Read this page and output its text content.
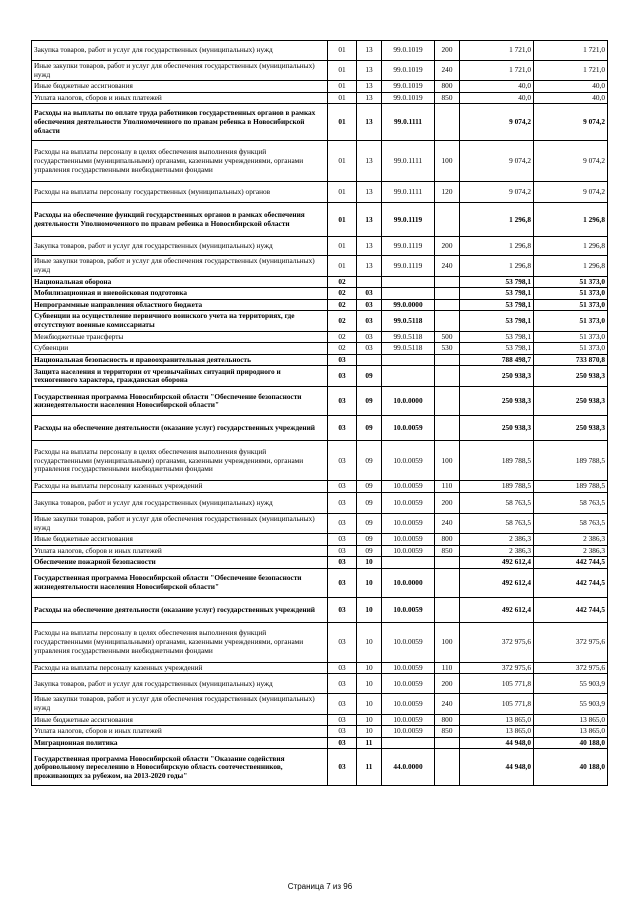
Закупка товаров, работ и услуг для государственных (муниципальных) нужд	01	13	99.0.1019	200	1 721,0	1 721,0
Иные закупки товаров, работ и услуг для обеспечения государственных (муниципальных) нужд	01	13	99.0.1019	240	1 721,0	1 721,0
Иные бюджетные ассигнования	01	13	99.0.1019	800	40,0	40,0
Уплата налогов, сборов и иных платежей	01	13	99.0.1019	850	40,0	40,0
Расходы на выплаты по оплате труда работников государственных органов в рамках обеспечения деятельности Уполномоченного по правам ребенка в Новосибирской области	01	13	99.0.1111		9 074,2	9 074,2
Расходы на выплаты персоналу в целях обеспечения выполнения функций государственными (муниципальными) органами, казенными учреждениями, органами управления государственными внебюджетными фондами	01	13	99.0.1111	100	9 074,2	9 074,2
Расходы на выплаты персоналу государственных (муниципальных) органов	01	13	99.0.1111	120	9 074,2	9 074,2
Расходы на обеспечение функций государственных органов в рамках обеспечения деятельности Уполномоченного по правам ребенка в Новосибирской области	01	13	99.0.1119		1 296,8	1 296,8
Закупка товаров, работ и услуг для государственных (муниципальных) нужд	01	13	99.0.1119	200	1 296,8	1 296,8
Иные закупки товаров, работ и услуг для обеспечения государственных (муниципальных) нужд	01	13	99.0.1119	240	1 296,8	1 296,8
Национальная оборона	02				53 798,1	51 373,0
Мобилизационная и вневойсковая подготовка	02	03			53 798,1	51 373,0
Непрограммные направления областного бюджета	02	03	99.0.0000		53 798,1	51 373,0
Субвенции на осуществление первичного воинского учета на территориях, где отсутствуют военные комиссариаты	02	03	99.0.5118		53 798,1	51 373,0
Межбюджетные трансферты	02	03	99.0.5118	500	53 798,1	51 373,0
Субвенции	02	03	99.0.5118	530	53 798,1	51 373,0
Национальная безопасность и правоохранительная деятельность	03				788 498,7	733 870,8
Защита населения и территории от чрезвычайных ситуаций природного и техногенного характера, гражданская оборона	03	09			250 938,3	250 938,3
Государственная программа Новосибирской области "Обеспечение безопасности жизнедеятельности населения Новосибирской области"	03	09	10.0.0000		250 938,3	250 938,3
Расходы на обеспечение деятельности (оказание услуг) государственных учреждений	03	09	10.0.0059		250 938,3	250 938,3
Расходы на выплаты персоналу в целях обеспечения выполнения функций государственными (муниципальными) органами, казенными учреждениями, органами управления государственными внебюджетными фондами	03	09	10.0.0059	100	189 788,5	189 788,5
Расходы на выплаты персоналу казенных учреждений	03	09	10.0.0059	110	189 788,5	189 788,5
Закупка товаров, работ и услуг для государственных (муниципальных) нужд	03	09	10.0.0059	200	58 763,5	58 763,5
Иные закупки товаров, работ и услуг для обеспечения государственных (муниципальных) нужд	03	09	10.0.0059	240	58 763,5	58 763,5
Иные бюджетные ассигнования	03	09	10.0.0059	800	2 386,3	2 386,3
Уплата налогов, сборов и иных платежей	03	09	10.0.0059	850	2 386,3	2 386,3
Обеспечение пожарной безопасности	03	10			492 612,4	442 744,5
Государственная программа Новосибирской области "Обеспечение безопасности жизнедеятельности населения Новосибирской области"	03	10	10.0.0000		492 612,4	442 744,5
Расходы на обеспечение деятельности (оказание услуг) государственных учреждений	03	10	10.0.0059		492 612,4	442 744,5
Расходы на выплаты персоналу в целях обеспечения выполнения функций государственными (муниципальными) органами, казенными учреждениями, органами управления государственными внебюджетными фондами	03	10	10.0.0059	100	372 975,6	372 975,6
Расходы на выплаты персоналу казенных учреждений	03	10	10.0.0059	110	372 975,6	372 975,6
Закупка товаров, работ и услуг для государственных (муниципальных) нужд	03	10	10.0.0059	200	105 771,8	55 903,9
Иные закупки товаров, работ и услуг для обеспечения государственных (муниципальных) нужд	03	10	10.0.0059	240	105 771,8	55 903,9
Иные бюджетные ассигнования	03	10	10.0.0059	800	13 865,0	13 865,0
Уплата налогов, сборов и иных платежей	03	10	10.0.0059	850	13 865,0	13 865,0
Миграционная политика	03	11			44 948,0	40 188,0
Государственная программа Новосибирской области "Оказание содействия добровольному переселению в Новосибирскую область соотечественников, проживающих за рубежом, на 2013-2020 годы"	03	11	44.0.0000		44 948,0	40 188,0
Страница 7 из 96
